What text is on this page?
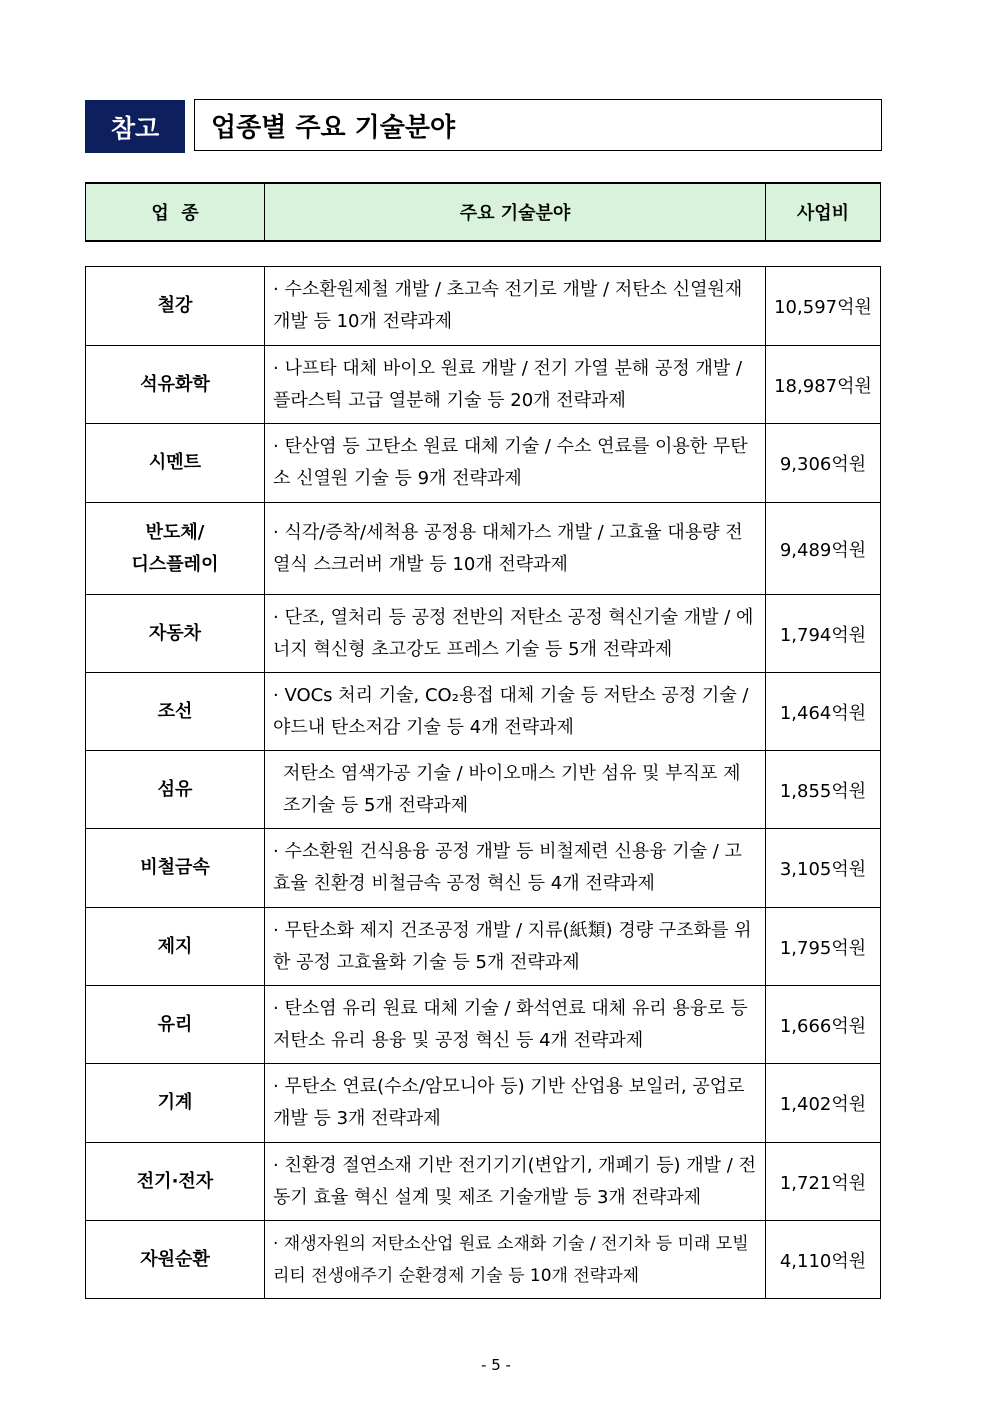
참고	업종별 주요 기술분야
업  종	주요 기술분야	사업비
철강	· 수소환원제철 개발 / 초고속 전기로 개발 / 저탄소 신열원재 개발 등 10개 전략과제	10,597억원
석유화학	· 나프타 대체 바이오 원료 개발 / 전기 가열 분해 공정 개발 / 플라스틱 고급 열분해 기술 등 20개 전략과제	18,987억원
시멘트	· 탄산염 등 고탄소 원료 대체 기술 / 수소 연료를 이용한 무탄소 신열원 기술 등 9개 전략과제	9,306억원
반도체/
디스플레이	· 식각/증착/세척용 공정용 대체가스 개발 / 고효율 대용량 전열식 스크러버 개발 등 10개 전략과제	9,489억원
자동차	· 단조, 열처리 등 공정 전반의 저탄소 공정 혁신기술 개발 / 에너지 혁신형 초고강도 프레스 기술 등 5개 전략과제	1,794억원
조선	· VOCs 처리 기술, CO₂용접 대체 기술 등 저탄소 공정 기술 / 야드내 탄소저감 기술 등 4개 전략과제	1,464억원
섬유	저탄소 염색가공 기술 / 바이오매스 기반 섬유 및 부직포 제조기술 등 5개 전략과제	1,855억원
비철금속	· 수소환원 건식용융 공정 개발 등 비철제련 신용융 기술 / 고효율 친환경 비철금속 공정 혁신 등 4개 전략과제	3,105억원
제지	· 무탄소화 제지 건조공정 개발 / 지류(紙類) 경량 구조화를 위한 공정 고효율화 기술 등 5개 전략과제	1,795억원
유리	· 탄소염 유리 원료 대체 기술 / 화석연료 대체 유리 용융로 등 저탄소 유리 용융 및 공정 혁신 등 4개 전략과제	1,666억원
기계	· 무탄소 연료(수소/암모니아 등) 기반 산업용 보일러, 공업로 개발 등 3개 전략과제	1,402억원
전기·전자	· 친환경 절연소재 기반 전기기기(변압기, 개폐기 등) 개발 / 전동기 효율 혁신 설계 및 제조 기술개발 등 3개 전략과제	1,721억원
자원순환	· 재생자원의 저탄소산업 원료 소재화 기술 / 전기차 등 미래 모빌리티 전생애주기 순환경제 기술 등 10개 전략과제	4,110억원
- 5 -
